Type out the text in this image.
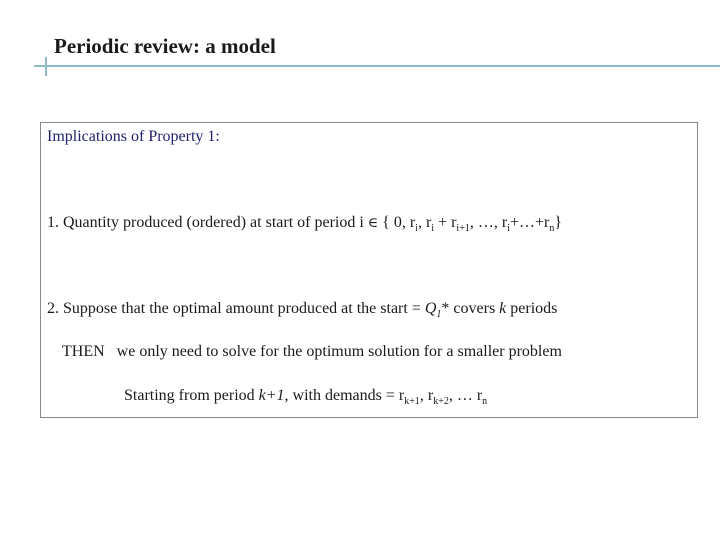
Periodic review: a model
Implications of Property 1:
1. Quantity produced (ordered) at start of period i ∈ { 0, $r_i$, $r_i + r_{i+1}$, …, $r_i+\dots+r_n$}
2. Suppose that the optimal amount produced at the start = $Q_1*$ covers k periods
THEN we only need to solve for the optimum solution for a smaller problem
Starting from period k+1, with demands = $r_{k+1}$, $r_{k+2}$, … $r_n$
